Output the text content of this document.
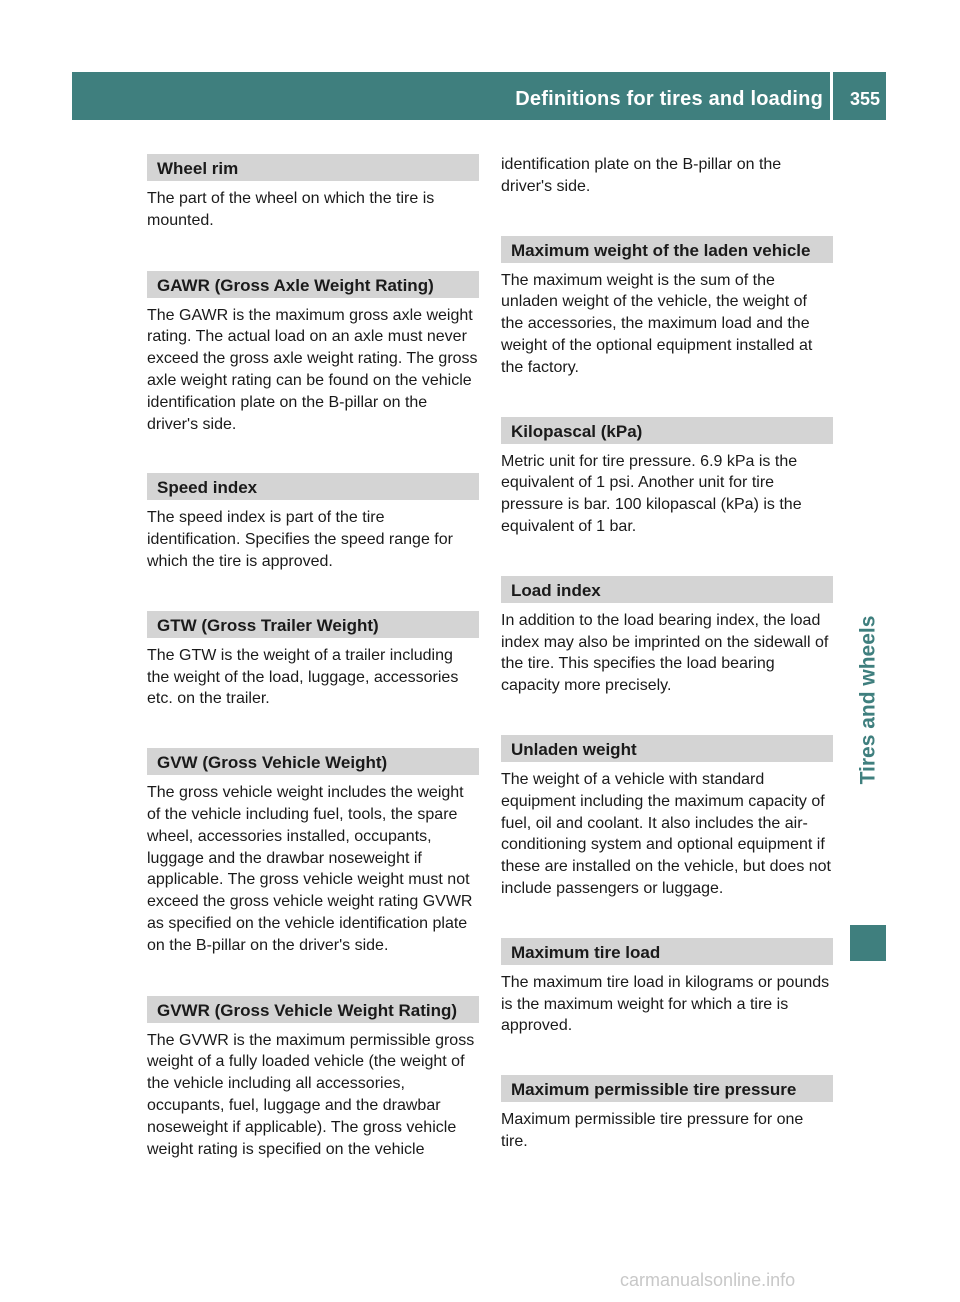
Definitions for tires and loading 355
Tires and wheels
Wheel rim

The part of the wheel on which the tire is mounted.

GAWR (Gross Axle Weight Rating)

The GAWR is the maximum gross axle weight rating. The actual load on an axle must never exceed the gross axle weight rating. The gross axle weight rating can be found on the vehicle identification plate on the B-pillar on the driver's side.

Speed index

The speed index is part of the tire identification. Specifies the speed range for which the tire is approved.

GTW (Gross Trailer Weight)

The GTW is the weight of a trailer including the weight of the load, luggage, accessories etc. on the trailer.

GVW (Gross Vehicle Weight)

The gross vehicle weight includes the weight of the vehicle including fuel, tools, the spare wheel, accessories installed, occupants, luggage and the drawbar noseweight if applicable. The gross vehicle weight must not exceed the gross vehicle weight rating GVWR as specified on the vehicle identification plate on the B-pillar on the driver's side.

GVWR (Gross Vehicle Weight Rating)

The GVWR is the maximum permissible gross weight of a fully loaded vehicle (the weight of the vehicle including all accessories, occupants, fuel, luggage and the drawbar noseweight if applicable). The gross vehicle weight rating is specified on the vehicle

identification plate on the B-pillar on the driver's side.

Maximum weight of the laden vehicle

The maximum weight is the sum of the unladen weight of the vehicle, the weight of the accessories, the maximum load and the weight of the optional equipment installed at the factory.

Kilopascal (kPa)

Metric unit for tire pressure. 6.9 kPa is the equivalent of 1 psi. Another unit for tire pressure is bar. 100 kilopascal (kPa) is the equivalent of 1 bar.

Load index

In addition to the load bearing index, the load index may also be imprinted on the sidewall of the tire. This specifies the load bearing capacity more precisely.

Unladen weight

The weight of a vehicle with standard equipment including the maximum capacity of fuel, oil and coolant. It also includes the air-conditioning system and optional equipment if these are installed on the vehicle, but does not include passengers or luggage.

Maximum tire load

The maximum tire load in kilograms or pounds is the maximum weight for which a tire is approved.

Maximum permissible tire pressure

Maximum permissible tire pressure for one tire.

carmanualsonline.info
